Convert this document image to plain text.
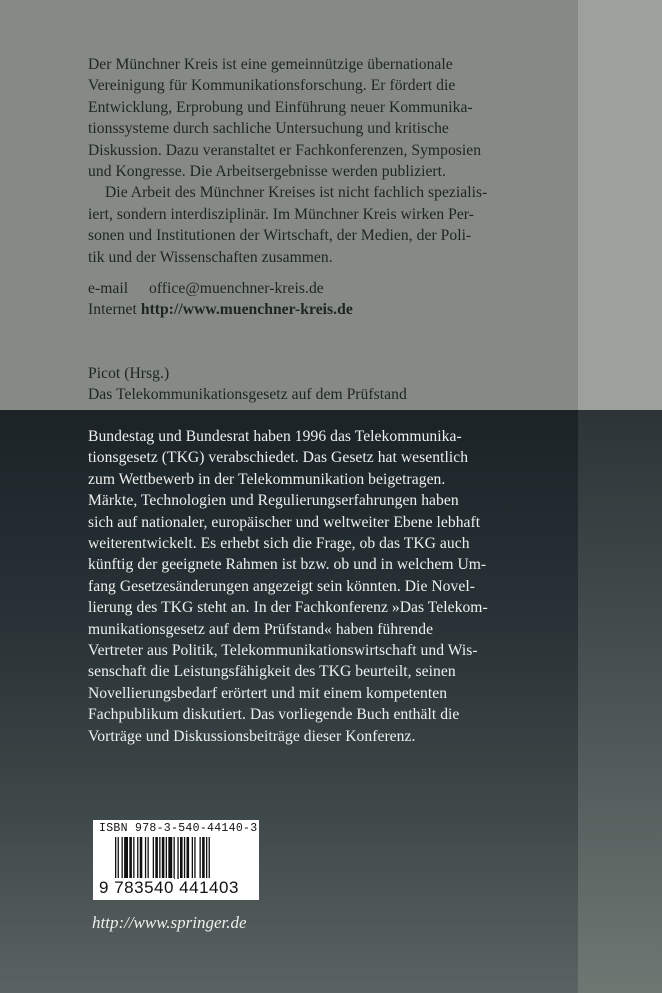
Der Münchner Kreis ist eine gemeinnützige übernationale
Vereinigung für Kommunikationsforschung. Er fördert die
Entwicklung, Erprobung und Einführung neuer Kommunika-
tionssysteme durch sachliche Untersuchung und kritische
Diskussion. Dazu veranstaltet er Fachkonferenzen, Symposien
und Kongresse. Die Arbeitsergebnisse werden publiziert.
Die Arbeit des Münchner Kreises ist nicht fachlich spezialis-
iert, sondern interdisziplinär. Im Münchner Kreis wirken Per-
sonen und Institutionen der Wirtschaft, der Medien, der Poli-
tik und der Wissenschaften zusammen.
e-mail office@muenchner-kreis.de
Internet http://www.muenchner-kreis.de
Picot (Hrsg.)
Das Telekommunikationsgesetz auf dem Prüfstand
Bundestag und Bundesrat haben 1996 das Telekommunika-
tionsgesetz (TKG) verabschiedet. Das Gesetz hat wesentlich
zum Wettbewerb in der Telekommunikation beigetragen.
Märkte, Technologien und Regulierungserfahrungen haben
sich auf nationaler, europäischer und weltweiter Ebene lebhaft
weiterentwickelt. Es erhebt sich die Frage, ob das TKG auch
künftig der geeignete Rahmen ist bzw. ob und in welchem Um-
fang Gesetzesänderungen angezeigt sein könnten. Die Novel-
lierung des TKG steht an. In der Fachkonferenz »Das Telekom-
munikationsgesetz auf dem Prüfstand« haben führende
Vertreter aus Politik, Telekommunikationswirtschaft und Wis-
senschaft die Leistungsfähigkeit des TKG beurteilt, seinen
Novellierungsbedarf erörtert und mit einem kompetenten
Fachpublikum diskutiert. Das vorliegende Buch enthält die
Vorträge und Diskussionsbeiträge dieser Konferenz.
ISBN 978-3-540-44140-3
9 783540 441403
http://www.springer.de
